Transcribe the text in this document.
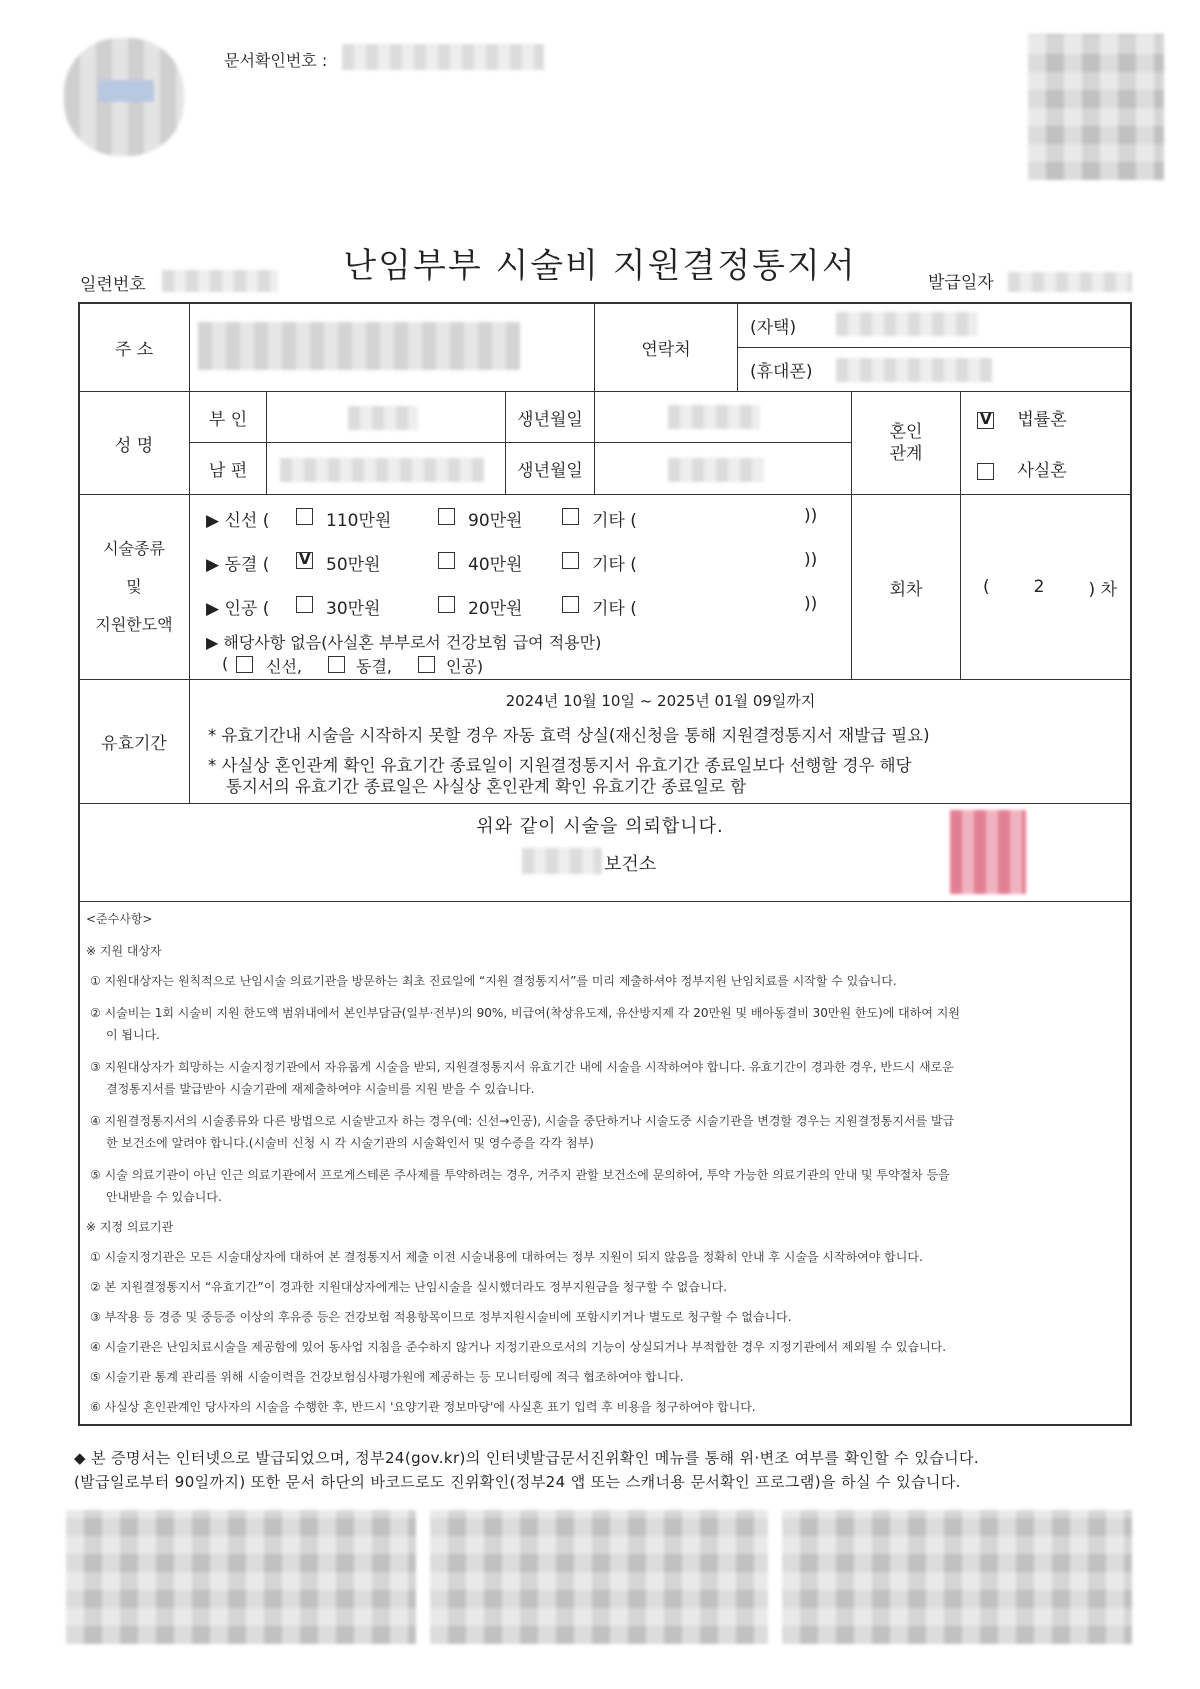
문서확인번호 :
난임부부 시술비 지원결정통지서
일련번호	발급일자
주 소	연락처
(자택)
(휴대폰)
성 명
부 인	생년월일
남 편	생년월일
혼인
관계
V 법률혼
사실혼
시술종류
및
지원한도액
▶ 신선 (	110만원	90만원	기타 (	))
▶ 동결 (
V	50만원	40만원	기타 (	))
▶ 인공 (	30만원	20만원	기타 (	))
▶ 해당사항 없음(사실혼 부부로서 건강보험 급여 적용만)
( 신선,	동결,	인공)
회차	(	2	) 차
유효기간
2024년 10월 10일 ~ 2025년 01월 09일까지
* 유효기간내 시술을 시작하지 못할 경우 자동 효력 상실(재신청을 통해 지원결정통지서 재발급 필요)
* 사실상 혼인관계 확인 유효기간 종료일이 지원결정통지서 유효기간 종료일보다 선행할 경우 해당
통지서의 유효기간 종료일은 사실상 혼인관계 확인 유효기간 종료일로 함
위와 같이 시술을 의뢰합니다.
보건소
<준수사항>
※ 지원 대상자
① 지원대상자는 원칙적으로 난임시술 의료기관을 방문하는 최초 진료일에 “지원 결정통지서”를 미리 제출하셔야 정부지원 난임치료를 시작할 수 있습니다.
② 시술비는 1회 시술비 지원 한도액 범위내에서 본인부담금(일부·전부)의 90%, 비급여(착상유도제, 유산방지제 각 20만원 및 배아동결비 30만원 한도)에 대하여 지원
이 됩니다.
③ 지원대상자가 희망하는 시술지정기관에서 자유롭게 시술을 받되, 지원결정통지서 유효기간 내에 시술을 시작하여야 합니다. 유효기간이 경과한 경우, 반드시 새로운
결정통지서를 발급받아 시술기관에 재제출하여야 시술비를 지원 받을 수 있습니다.
④ 지원결정통지서의 시술종류와 다른 방법으로 시술받고자 하는 경우(예: 신선→인공), 시술을 중단하거나 시술도중 시술기관을 변경할 경우는 지원결정통지서를 발급
한 보건소에 알려야 합니다.(시술비 신청 시 각 시술기관의 시술확인서 및 영수증을 각각 첨부)
⑤ 시술 의료기관이 아닌 인근 의료기관에서 프로게스테론 주사제를 투약하려는 경우, 거주지 관할 보건소에 문의하여, 투약 가능한 의료기관의 안내 및 투약절차 등을
안내받을 수 있습니다.
※ 지정 의료기관
① 시술지정기관은 모든 시술대상자에 대하여 본 결정통지서 제출 이전 시술내용에 대하여는 정부 지원이 되지 않음을 정확히 안내 후 시술을 시작하여야 합니다.
② 본 지원결정통지서 “유효기간”이 경과한 지원대상자에게는 난임시술을 실시했더라도 정부지원금을 청구할 수 없습니다.
③ 부작용 등 경증 및 중등증 이상의 후유증 등은 건강보험 적용항목이므로 정부지원시술비에 포함시키거나 별도로 청구할 수 없습니다.
④ 시술기관은 난임치료시술을 제공함에 있어 동사업 지침을 준수하지 않거나 지정기관으로서의 기능이 상실되거나 부적합한 경우 지정기관에서 제외될 수 있습니다.
⑤ 시술기관 통계 관리를 위해 시술이력을 건강보험심사평가원에 제공하는 등 모니터링에 적극 협조하여야 합니다.
⑥ 사실상 혼인관계인 당사자의 시술을 수행한 후, 반드시 '요양기관 정보마당'에 사실혼 표기 입력 후 비용을 청구하여야 합니다.
◆ 본 증명서는 인터넷으로 발급되었으며, 정부24(gov.kr)의 인터넷발급문서진위확인 메뉴를 통해 위·변조 여부를 확인할 수 있습니다.
(발급일로부터 90일까지) 또한 문서 하단의 바코드로도 진위확인(정부24 앱 또는 스캐너용 문서확인 프로그램)을 하실 수 있습니다.
